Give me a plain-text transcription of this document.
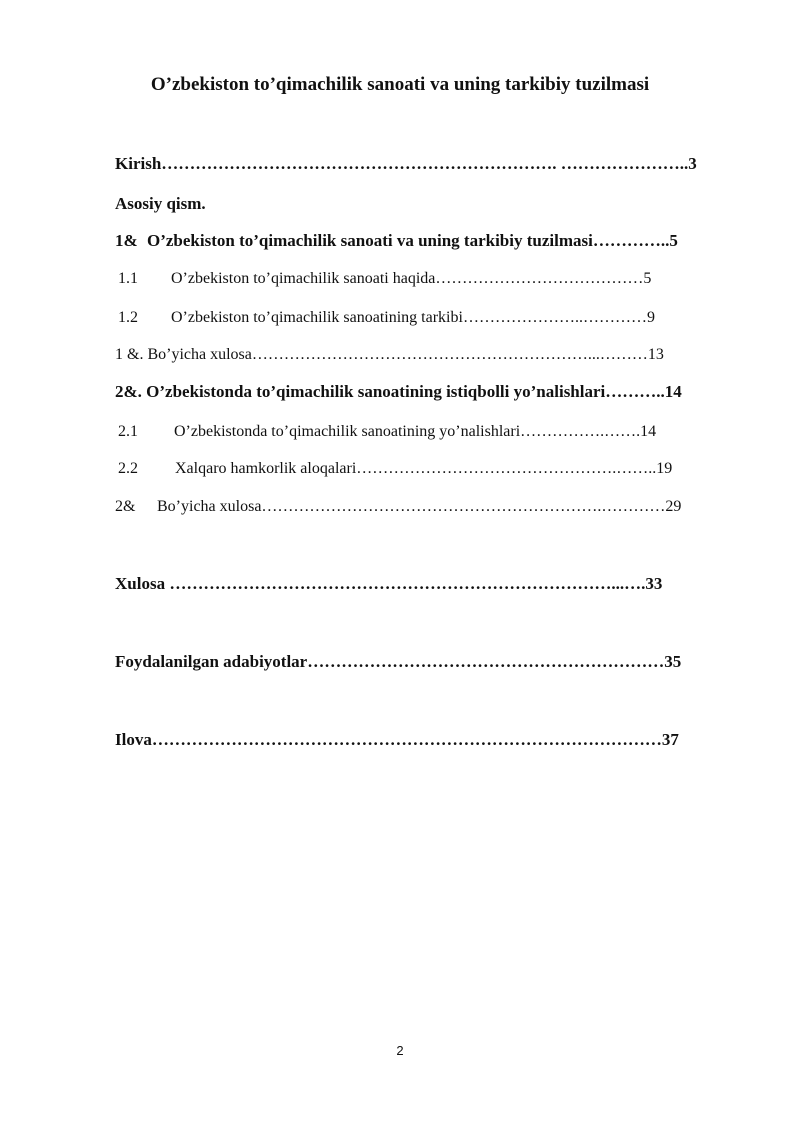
O’zbekiston to’qimachilik sanoati va uning tarkibiy tuzilmasi

Kirish……………………………………………………………. …………………..3

Asosiy qism.

1& O’zbekiston to’qimachilik sanoati va uning tarkibiy tuzilmasi…………..5

1.1 O’zbekiston to’qimachilik sanoati haqida…………………………………5

1.2 O’zbekiston to’qimachilik sanoatining tarkibi…………………..…………9

1 &. Bo’yicha xulosa………………………………………………………...………13

2&. O’zbekistonda to’qimachilik sanoatining istiqbolli yo’nalishlari………..14

2.1 O’zbekistonda to’qimachilik sanoatining yo’nalishlari…………….…….14

2.2 Xalqaro hamkorlik aloqalari………………………………………….……..19

2& Bo’yicha xulosa……………………………………………………….…………29

Xulosa ……………………………………………………………………...….33

Foydalanilgan adabiyotlar………………………………………………………35

Ilova………………………………………………………………………………37

2
